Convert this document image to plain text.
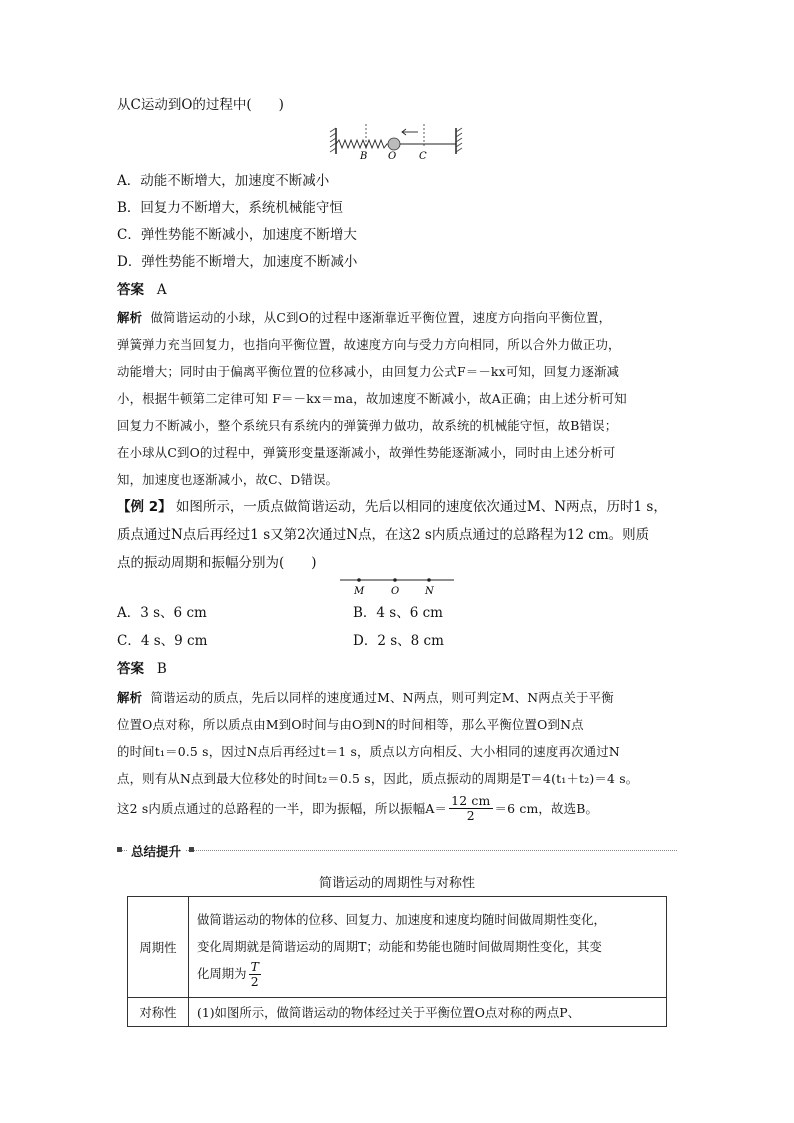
从C运动到O的过程中(　　)
B O C
A．动能不断增大，加速度不断减小
B．回复力不断增大，系统机械能守恒
C．弹性势能不断减小，加速度不断增大
D．弹性势能不断增大，加速度不断减小
答案 A
解析 做简谐运动的小球，从C到O的过程中逐渐靠近平衡位置，速度方向指向平衡位置，
弹簧弹力充当回复力，也指向平衡位置，故速度方向与受力方向相同，所以合外力做正功，
动能增大；同时由于偏离平衡位置的位移减小，由回复力公式F＝－kx可知，回复力逐渐减
小，根据牛顿第二定律可知 F＝－kx＝ma，故加速度不断减小，故A正确；由上述分析可知
回复力不断减小，整个系统只有系统内的弹簧弹力做功，故系统的机械能守恒，故B错误；
在小球从C到O的过程中，弹簧形变量逐渐减小，故弹性势能逐渐减小，同时由上述分析可
知，加速度也逐渐减小，故C、D错误。
【例 2】 如图所示，一质点做简谐运动，先后以相同的速度依次通过M、N两点，历时1 s，
质点通过N点后再经过1 s又第2次通过N点，在这2 s内质点通过的总路程为12 cm。则质
点的振动周期和振幅分别为(　　)
M	O	N
A．3 s、6 cm	B．4 s、6 cm
C．4 s、9 cm	D．2 s、8 cm
答案 B
解析 简谐运动的质点，先后以同样的速度通过M、N两点，则可判定M、N两点关于平衡
位置O点对称，所以质点由M到O时间与由O到N的时间相等，那么平衡位置O到N点
的时间t₁＝0.5 s，因过N点后再经过t＝1 s，质点以方向相反、大小相同的速度再次通过N
点，则有从N点到最大位移处的时间t₂＝0.5 s，因此，质点振动的周期是T＝4(t₁＋t₂)＝4 s。
这2 s内质点通过的总路程的一半，即为振幅，所以振幅$A= \frac{12 cm}{2} =6$ cm，故选B。
总结提升
简谐运动的周期性与对称性
周期性	做简谐运动的物体的位移、回复力、加速度和速度均随时间做周期性变化，
变化周期就是简谐运动的周期T；动能和势能也随时间做周期性变化，其变
化周期为 T
2

对称性	(1)如图所示，做简谐运动的物体经过关于平衡位置O点对称的两点P、
